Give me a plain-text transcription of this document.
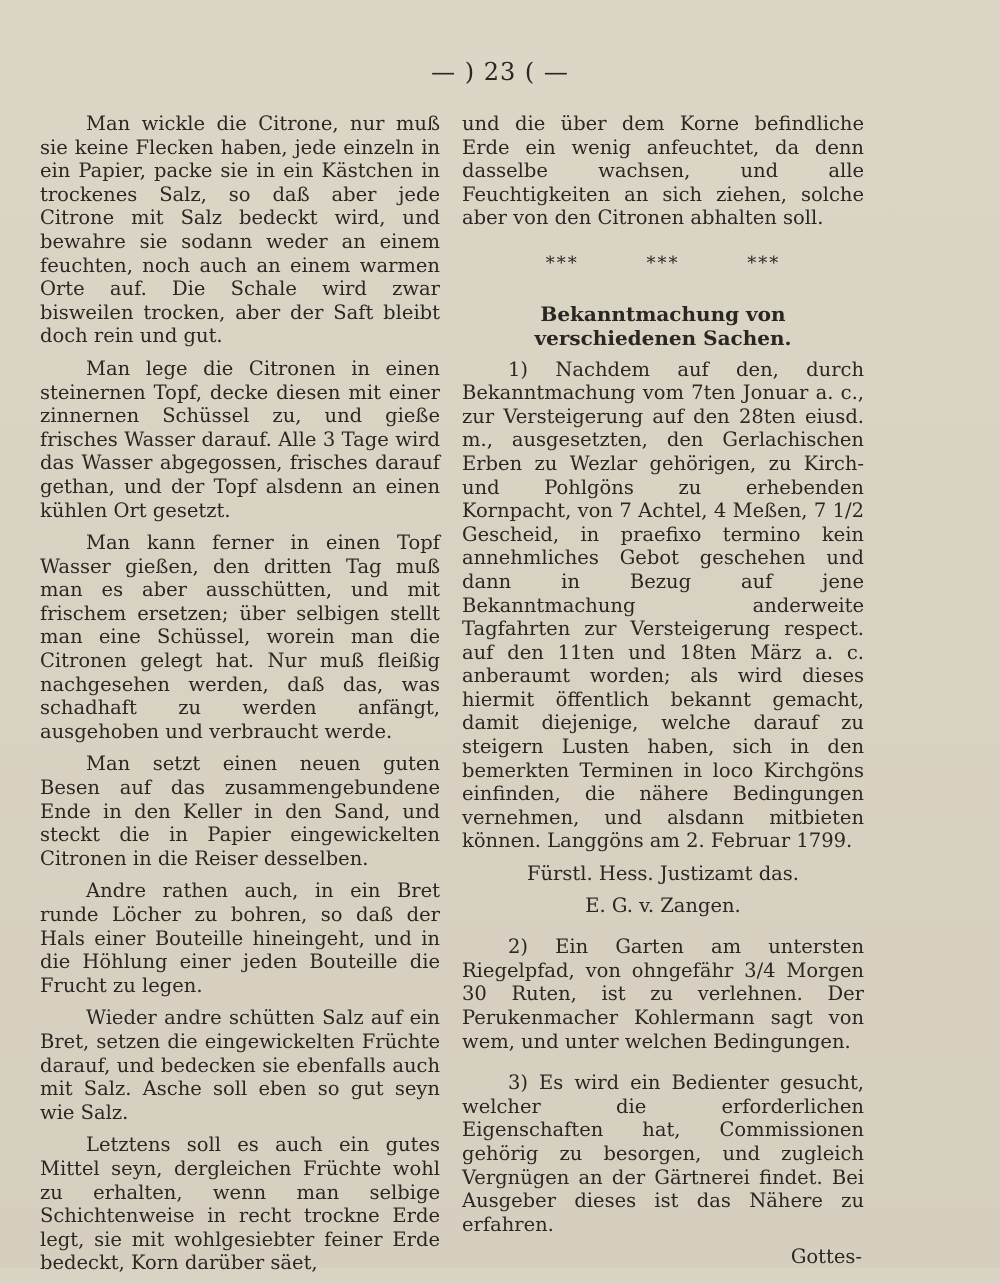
— ) 23 ( —

Man wickle die Citrone, nur muß sie keine Flecken haben, jede einzeln in ein Papier, packe sie in ein Kästchen in trockenes Salz, so daß aber jede Citrone mit Salz bedeckt wird, und bewahre sie sodann weder an einem feuchten, noch auch an einem warmen Orte auf. Die Schale wird zwar bisweilen trocken, aber der Saft bleibt doch rein und gut.

Man lege die Citronen in einen steinernen Topf, decke diesen mit einer zinnernen Schüssel zu, und gieße frisches Wasser darauf. Alle 3 Tage wird das Wasser abgegossen, frisches darauf gethan, und der Topf alsdenn an einen kühlen Ort gesetzt.

Man kann ferner in einen Topf Wasser gießen, den dritten Tag muß man es aber ausschütten, und mit frischem ersetzen; über selbigen stellt man eine Schüssel, worein man die Citronen gelegt hat. Nur muß fleißig nachgesehen werden, daß das, was schadhaft zu werden anfängt, ausgehoben und verbraucht werde.

Man setzt einen neuen guten Besen auf das zusammengebundene Ende in den Keller in den Sand, und steckt die in Papier eingewickelten Citronen in die Reiser desselben.

Andre rathen auch, in ein Bret runde Löcher zu bohren, so daß der Hals einer Bouteille hineingeht, und in die Höhlung einer jeden Bouteille die Frucht zu legen.

Wieder andre schütten Salz auf ein Bret, setzen die eingewickelten Früchte darauf, und bedecken sie ebenfalls auch mit Salz. Asche soll eben so gut seyn wie Salz.

Letztens soll es auch ein gutes Mittel seyn, dergleichen Früchte wohl zu erhalten, wenn man selbige Schichtenweise in recht trockne Erde legt, sie mit wohlgesiebter feiner Erde bedeckt, Korn darüber säet,

und die über dem Korne befindliche Erde ein wenig anfeuchtet, da denn dasselbe wachsen, und alle Feuchtigkeiten an sich ziehen, solche aber von den Citronen abhalten soll.

*** *** ***
Bekanntmachung von verschiedenen Sachen.

1) Nachdem auf den, durch Bekanntmachung vom 7ten Jonuar a. c., zur Versteigerung auf den 28ten eiusd. m., ausgesetzten, den Gerlachischen Erben zu Wezlar gehörigen, zu Kirch- und Pohlgöns zu erhebenden Kornpacht, von 7 Achtel, 4 Meßen, 7 1/2 Gescheid, in praefixo termino kein annehmliches Gebot geschehen und dann in Bezug auf jene Bekanntmachung anderweite Tagfahrten zur Versteigerung respect. auf den 11ten und 18ten März a. c. anberaumt worden; als wird dieses hiermit öffentlich bekannt gemacht, damit diejenige, welche darauf zu steigern Lusten haben, sich in den bemerkten Terminen in loco Kirchgöns einfinden, die nähere Bedingungen vernehmen, und alsdann mitbieten können. Langgöns am 2. Februar 1799.

Fürstl. Hess. Justizamt das.
E. G. v. Zangen.

2) Ein Garten am untersten Riegelpfad, von ohngefähr 3/4 Morgen 30 Ruten, ist zu verlehnen. Der Perukenmacher Kohlermann sagt von wem, und unter welchen Bedingungen.

3) Es wird ein Bedienter gesucht, welcher die erforderlichen Eigenschaften hat, Commissionen gehörig zu besorgen, und zugleich Vergnügen an der Gärtnerei findet. Bei Ausgeber dieses ist das Nähere zu erfahren.

Gottes-
